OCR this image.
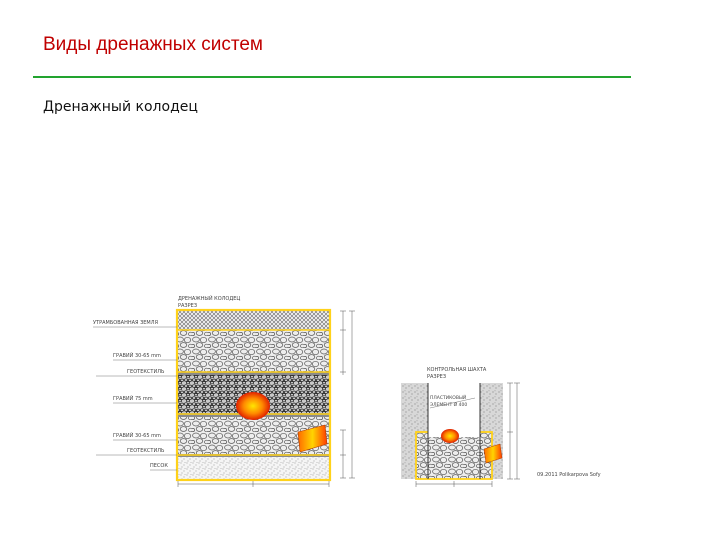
Виды дренажных систем

Дренажный колодец

ДРЕНАЖНЫЙ КОЛОДЕЦ
РАЗРЕЗ
УТРАМБОВАННАЯ ЗЕМЛЯ
ГРАВИЙ 30-65 mm
ГЕОТЕКСТИЛЬ
ГРАВИЙ 75 mm
ГРАВИЙ 30-65 mm
ГЕОТЕКСТИЛЬ
ПЕСОК
КОНТРОЛЬНАЯ ШАХТА
РАЗРЕЗ
ПЛАСТИКОВЫЙ
ЭЛЕМЕНТ Ø 400
09.2011 Polikarpova Sofy
